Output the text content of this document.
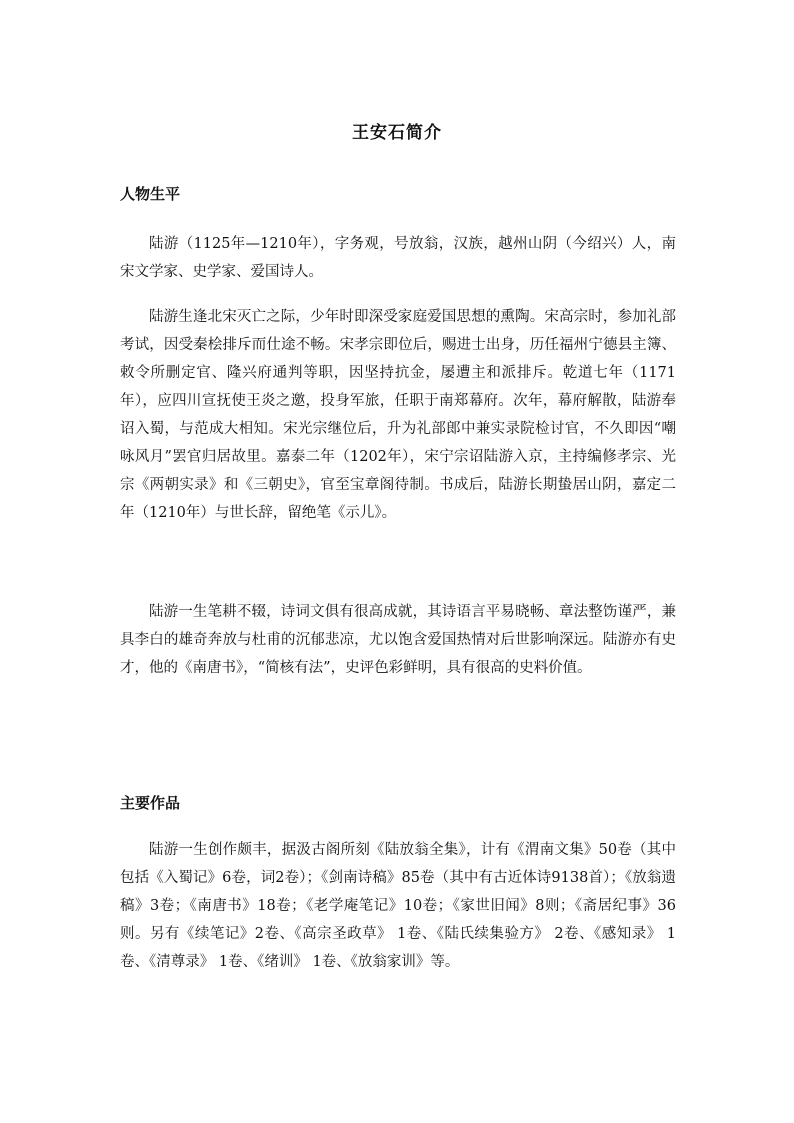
王安石简介
人物生平

陆游（1125年—1210年），字务观，号放翁，汉族，越州山阴（今绍兴）人，南宋文学家、史学家、爱国诗人。

陆游生逢北宋灭亡之际，少年时即深受家庭爱国思想的熏陶。宋高宗时，参加礼部考试，因受秦桧排斥而仕途不畅。宋孝宗即位后，赐进士出身，历任福州宁德县主簿、敕令所删定官、隆兴府通判等职，因坚持抗金，屡遭主和派排斥。乾道七年（1171年），应四川宣抚使王炎之邀，投身军旅，任职于南郑幕府。次年，幕府解散，陆游奉诏入蜀，与范成大相知。宋光宗继位后，升为礼部郎中兼实录院检讨官，不久即因“嘲咏风月”罢官归居故里。嘉泰二年（1202年），宋宁宗诏陆游入京，主持编修孝宗、光宗《两朝实录》和《三朝史》，官至宝章阁待制。书成后，陆游长期蛰居山阴，嘉定二年（1210年）与世长辞，留绝笔《示儿》。

陆游一生笔耕不辍，诗词文俱有很高成就，其诗语言平易晓畅、章法整饬谨严，兼具李白的雄奇奔放与杜甫的沉郁悲凉，尤以饱含爱国热情对后世影响深远。陆游亦有史才，他的《南唐书》，“简核有法”，史评色彩鲜明，具有很高的史料价值。

主要作品

陆游一生创作颇丰，据汲古阁所刻《陆放翁全集》，计有《渭南文集》50卷（其中包括《入蜀记》6卷，词2卷）；《剑南诗稿》85卷（其中有古近体诗9138首）；《放翁遗稿》3卷；《南唐书》18卷；《老学庵笔记》10卷；《家世旧闻》8则；《斋居纪事》36则。另有《续笔记》2卷、《高宗圣政草》 1卷、《陆氏续集验方》 2卷、《感知录》 1卷、《清尊录》 1卷、《绪训》 1卷、《放翁家训》等。
